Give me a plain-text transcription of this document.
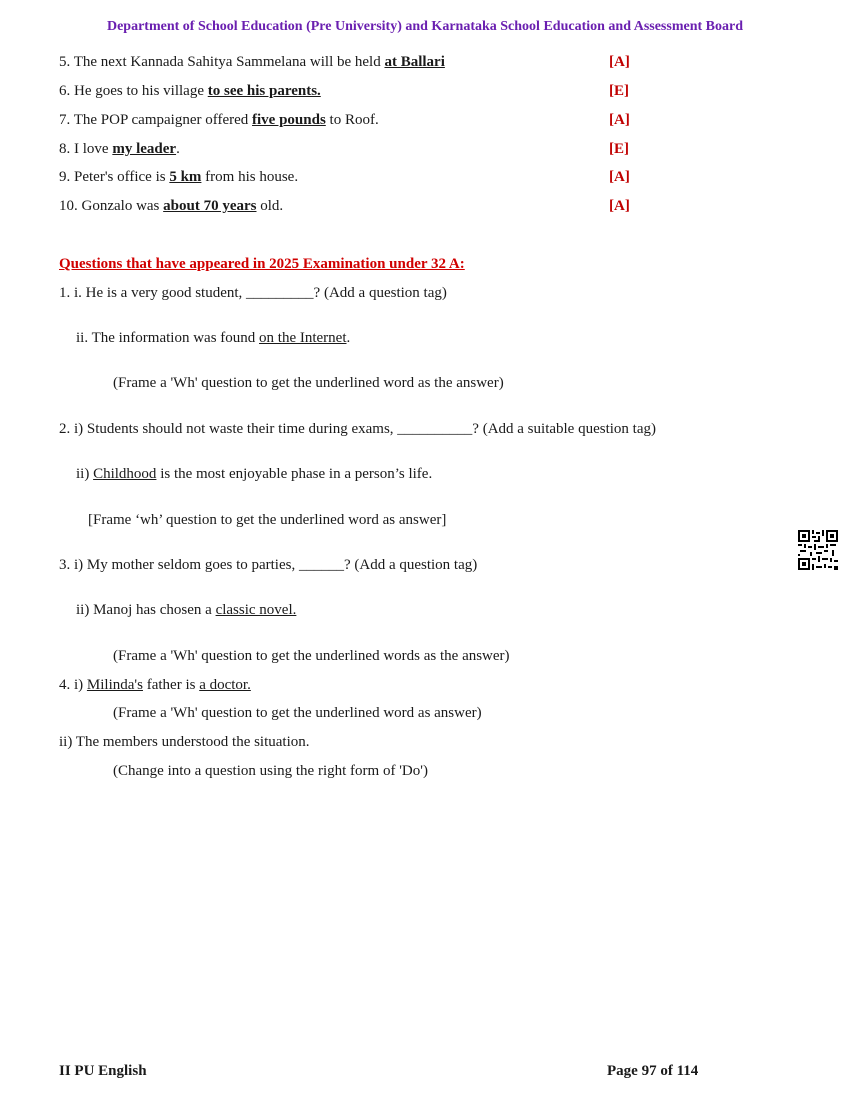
Department of School Education (Pre University) and Karnataka School Education and Assessment Board
5. The next Kannada Sahitya Sammelana will be held at Ballari	[A]
6. He goes to his village to see his parents.	[E]
7. The POP campaigner offered five pounds to Roof.	[A]
8. I love my leader.	[E]
9. Peter's office is 5 km from his house.	[A]
10. Gonzalo was about 70 years old.	[A]
Questions that have appeared in 2025 Examination under 32 A:
1. i. He is a very good student, _________? (Add a question tag)
ii. The information was found on the Internet.
(Frame a 'Wh' question to get the underlined word as the answer)
2. i) Students should not waste their time during exams, __________? (Add a suitable question tag)
ii) Childhood is the most enjoyable phase in a person’s life.
[Frame ‘wh’ question to get the underlined word as answer]
3. i) My mother seldom goes to parties, ______? (Add a question tag)
ii) Manoj has chosen a classic novel.
(Frame a 'Wh' question to get the underlined words as the answer)
4. i) Milinda's father is a doctor.
(Frame a 'Wh' question to get the underlined word as answer)
ii) The members understood the situation.
(Change into a question using the right form of 'Do')
II PU English	Page 97 of 114
